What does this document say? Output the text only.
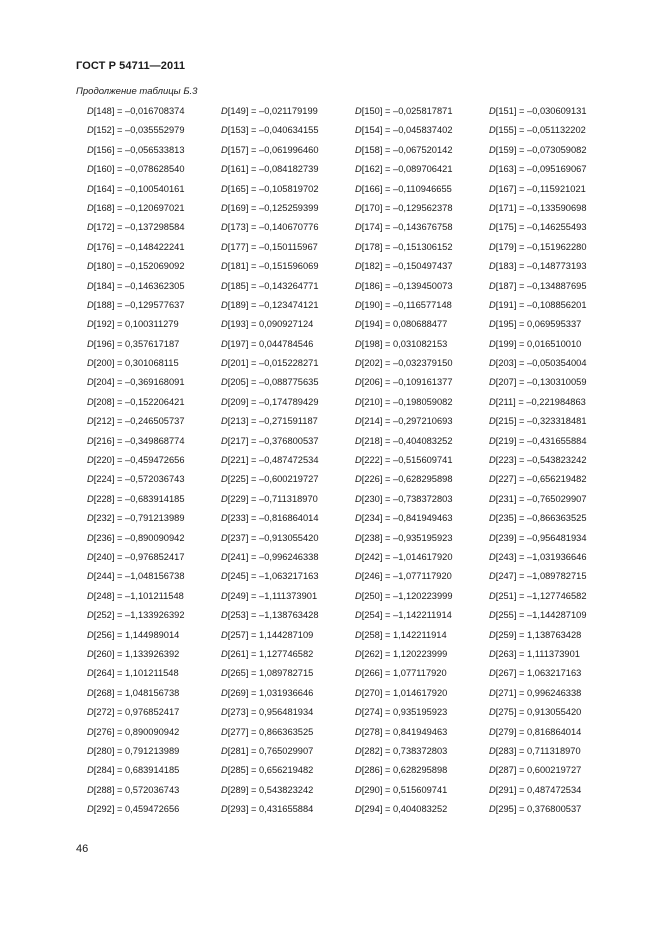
ГОСТ Р 54711—2011
Продолжение таблицы Б.3
D[148] = –0,016708374	D[149] = –0,021179199	D[150] = –0,025817871	D[151] = –0,030609131
D[152] = –0,035552979	D[153] = –0,040634155	D[154] = –0,045837402	D[155] = –0,051132202
D[156] = –0,056533813	D[157] = –0,061996460	D[158] = –0,067520142	D[159] = –0,073059082
D[160] = –0,078628540	D[161] = –0,084182739	D[162] = –0,089706421	D[163] = –0,095169067
D[164] = –0,100540161	D[165] = –0,105819702	D[166] = –0,110946655	D[167] = –0,115921021
D[168] = –0,120697021	D[169] = –0,125259399	D[170] = –0,129562378	D[171] = –0,133590698
D[172] = –0,137298584	D[173] = –0,140670776	D[174] = –0,143676758	D[175] = –0,146255493
D[176] = –0,148422241	D[177] = –0,150115967	D[178] = –0,151306152	D[179] = –0,151962280
D[180] = –0,152069092	D[181] = –0,151596069	D[182] = –0,150497437	D[183] = –0,148773193
D[184] = –0,146362305	D[185] = –0,143264771	D[186] = –0,139450073	D[187] = –0,134887695
D[188] = –0,129577637	D[189] = –0,123474121	D[190] = –0,116577148	D[191] = –0,108856201
D[192] = 0,100311279	D[193] = 0,090927124	D[194] = 0,080688477	D[195] = 0,069595337
D[196] = 0,357617187	D[197] = 0,044784546	D[198] = 0,031082153	D[199] = 0,016510010
D[200] = 0,301068115	D[201] = –0,015228271	D[202] = –0,032379150	D[203] = –0,050354004
D[204] = –0,369168091	D[205] = –0,088775635	D[206] = –0,109161377	D[207] = –0,130310059
D[208] = –0,152206421	D[209] = –0,174789429	D[210] = –0,198059082	D[211] = –0,221984863
D[212] = –0,246505737	D[213] = –0,271591187	D[214] = –0,297210693	D[215] = –0,323318481
D[216] = –0,349868774	D[217] = –0,376800537	D[218] = –0,404083252	D[219] = –0,431655884
D[220] = –0,459472656	D[221] = –0,487472534	D[222] = –0,515609741	D[223] = –0,543823242
D[224] = –0,572036743	D[225] = –0,600219727	D[226] = –0,628295898	D[227] = –0,656219482
D[228] = –0,683914185	D[229] = –0,711318970	D[230] = –0,738372803	D[231] = –0,765029907
D[232] = –0,791213989	D[233] = –0,816864014	D[234] = –0,841949463	D[235] = –0,866363525
D[236] = –0,890090942	D[237] = –0,913055420	D[238] = –0,935195923	D[239] = –0,956481934
D[240] = –0,976852417	D[241] = –0,996246338	D[242] = –1,014617920	D[243] = –1,031936646
D[244] = –1,048156738	D[245] = –1,063217163	D[246] = –1,077117920	D[247] = –1,089782715
D[248] = –1,101211548	D[249] = –1,111373901	D[250] = –1,120223999	D[251] = –1,127746582
D[252] = –1,133926392	D[253] = –1,138763428	D[254] = –1,142211914	D[255] = –1,144287109
D[256] = 1,144989014	D[257] = 1,144287109	D[258] = 1,142211914	D[259] = 1,138763428
D[260] = 1,133926392	D[261] = 1,127746582	D[262] = 1,120223999	D[263] = 1,111373901
D[264] = 1,101211548	D[265] = 1,089782715	D[266] = 1,077117920	D[267] = 1,063217163
D[268] = 1,048156738	D[269] = 1,031936646	D[270] = 1,014617920	D[271] = 0,996246338
D[272] = 0,976852417	D[273] = 0,956481934	D[274] = 0,935195923	D[275] = 0,913055420
D[276] = 0,890090942	D[277] = 0,866363525	D[278] = 0,841949463	D[279] = 0,816864014
D[280] = 0,791213989	D[281] = 0,765029907	D[282] = 0,738372803	D[283] = 0,711318970
D[284] = 0,683914185	D[285] = 0,656219482	D[286] = 0,628295898	D[287] = 0,600219727
D[288] = 0,572036743	D[289] = 0,543823242	D[290] = 0,515609741	D[291] = 0,487472534
D[292] = 0,459472656	D[293] = 0,431655884	D[294] = 0,404083252	D[295] = 0,376800537
46
